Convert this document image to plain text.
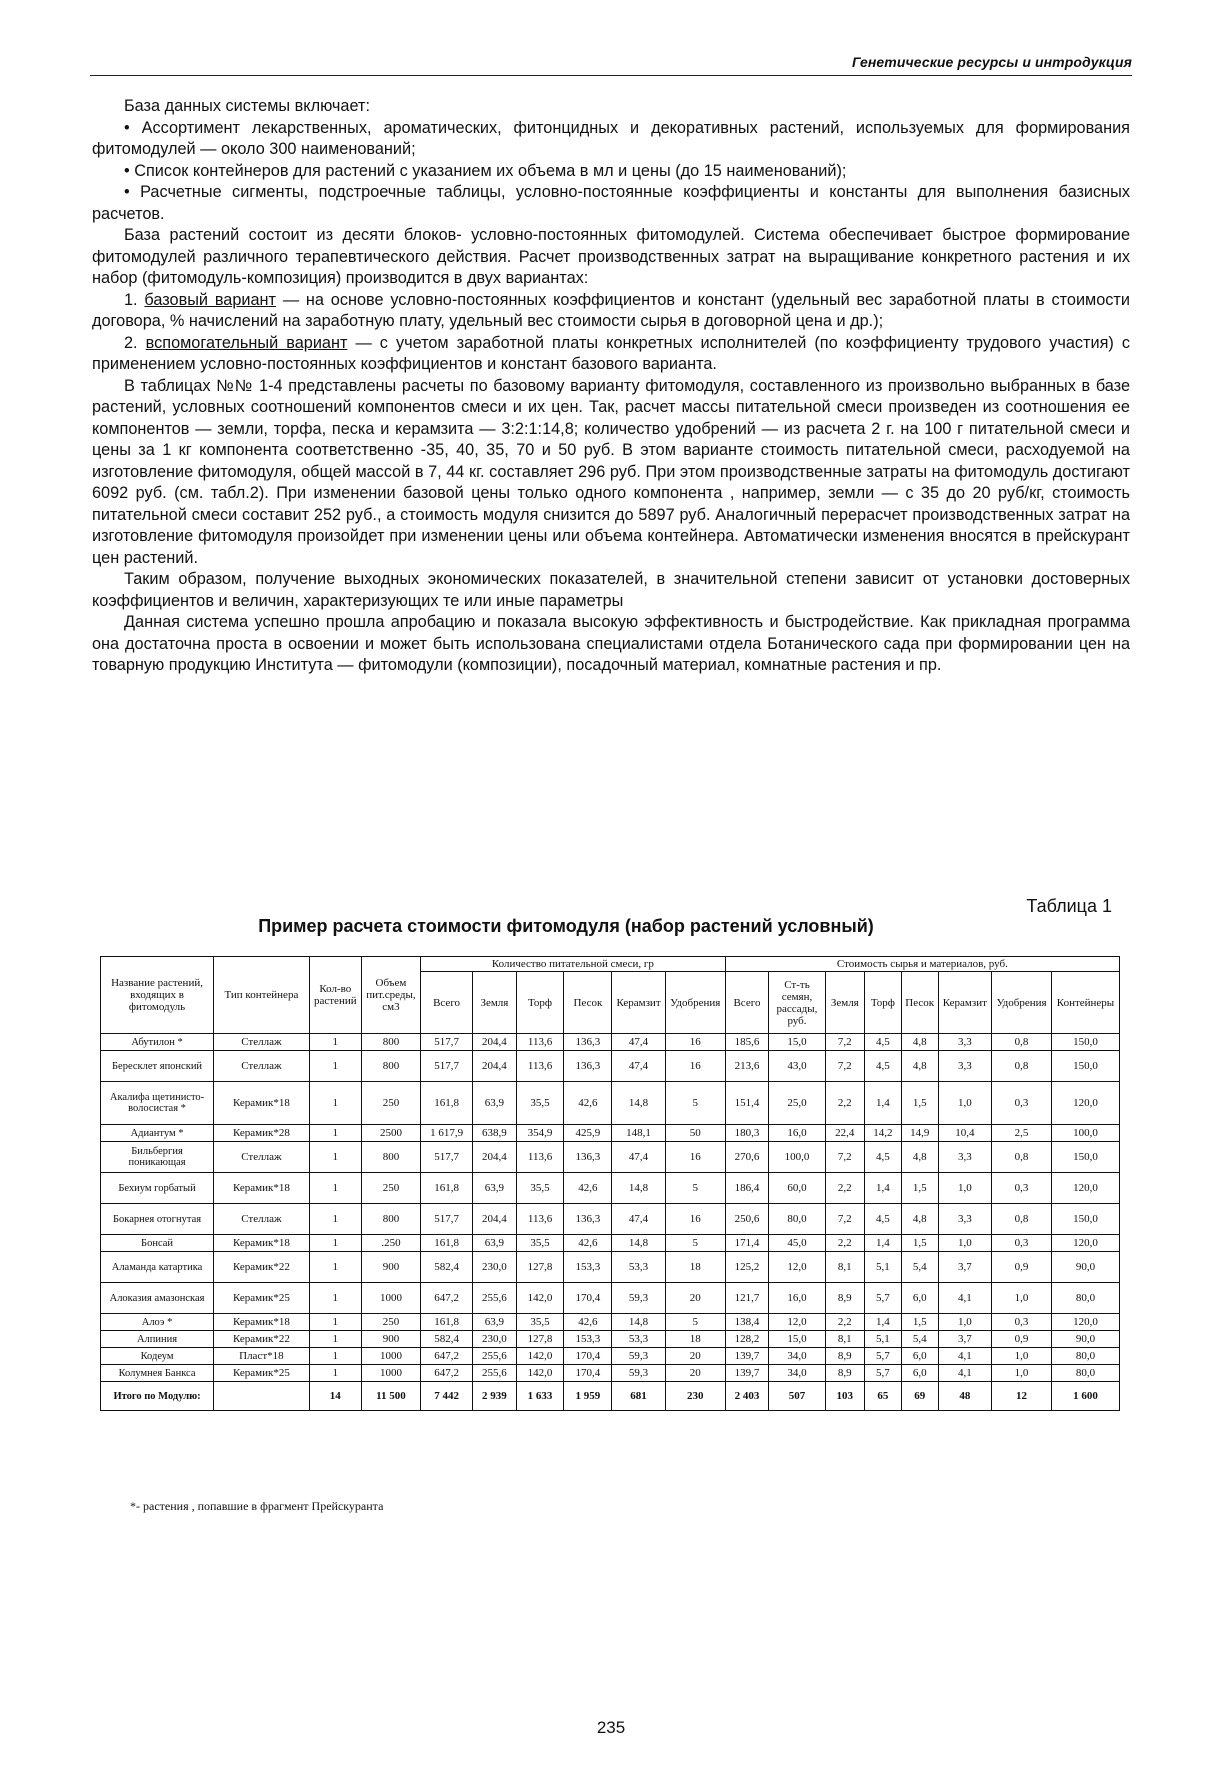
Генетические ресурсы и интродукция

База данных системы включает:

• Ассортимент лекарственных, ароматических, фитонцидных и декоративных растений, используемых для формирования фитомодулей — около 300 наименований;

• Список контейнеров для растений с указанием их объема в мл и цены (до 15 наименований);

• Расчетные сигменты, подстроечные таблицы, условно-постоянные коэффициенты и константы для выполнения базисных расчетов.

База растений состоит из десяти блоков- условно-постоянных фитомодулей. Система обеспечивает быстрое формирование фитомодулей различного терапевтического действия. Расчет производственных затрат на выращивание конкретного растения и их набор (фитомодуль-композиция) производится в двух вариантах:

1. базовый вариант — на основе условно-постоянных коэффициентов и констант (удельный вес заработной платы в стоимости договора, % начислений на заработную плату, удельный вес стоимости сырья в договорной цена и др.);

2. вспомогательный вариант — с учетом заработной платы конкретных исполнителей (по коэффициенту трудового участия) с применением условно-постоянных коэффициентов и констант базового варианта.

В таблицах №№ 1-4 представлены расчеты по базовому варианту фитомодуля, составленного из произвольно выбранных в базе растений, условных соотношений компонентов смеси и их цен. Так, расчет массы питательной смеси произведен из соотношения ее компонентов — земли, торфа, песка и керамзита — 3:2:1:14,8; количество удобрений — из расчета 2 г. на 100 г питательной смеси и цены за 1 кг компонента соответственно -35, 40, 35, 70 и 50 руб. В этом варианте стоимость питательной смеси, расходуемой на изготовление фитомодуля, общей массой в 7, 44 кг. составляет 296 руб. При этом производственные затраты на фитомодуль достигают 6092 руб. (см. табл.2). При изменении базовой цены только одного компонента , например, земли — с 35 до 20 руб/кг, стоимость питательной смеси составит 252 руб., а стоимость модуля снизится до 5897 руб. Аналогичный перерасчет производственных затрат на изготовление фитомодуля произойдет при изменении цены или объема контейнера. Автоматически изменения вносятся в прейскурант цен растений.

Таким образом, получение выходных экономических показателей, в значительной степени зависит от установки достоверных коэффициентов и величин, характеризующих те или иные параметры

Данная система успешно прошла апробацию и показала высокую эффективность и быстродействие. Как прикладная программа она достаточна проста в освоении и может быть использована специалистами отдела Ботанического сада при формировании цен на товарную продукцию Института — фитомодули (композиции), посадочный материал, комнатные растения и пр.

Таблица 1
Пример расчета стоимости фитомодуля (набор растений условный)
Название растений, входящих в фитомодуль	Тип контейнера	Кол-во растений	Объем пит.среды, см3	Количество питательной смеси, гр						Стоимость сырья и материалов, руб.							
				Всего	Земля	Торф	Песок	Керамзит	Удобрения	Всего	Ст-ть семян, рассады, руб.	Земля	Торф	Песок	Керамзит	Удобрения	Контейнеры
Абутилон *	Стеллаж	1	800	517,7	204,4	113,6	136,3	47,4	16	185,6	15,0	7,2	4,5	4,8	3,3	0,8	150,0
Бересклет японский	Стеллаж	1	800	517,7	204,4	113,6	136,3	47,4	16	213,6	43,0	7,2	4,5	4,8	3,3	0,8	150,0
Акалифа щетинисто-волосистая *	Керамик*18	1	250	161,8	63,9	35,5	42,6	14,8	5	151,4	25,0	2,2	1,4	1,5	1,0	0,3	120,0
Адиантум *	Керамик*28	1	2500	1 617,9	638,9	354,9	425,9	148,1	50	180,3	16,0	22,4	14,2	14,9	10,4	2,5	100,0
Бильбергия поникающая	Стеллаж	1	800	517,7	204,4	113,6	136,3	47,4	16	270,6	100,0	7,2	4,5	4,8	3,3	0,8	150,0
Бехиум горбатый	Керамик*18	1	250	161,8	63,9	35,5	42,6	14,8	5	186,4	60,0	2,2	1,4	1,5	1,0	0,3	120,0
Бокарнея отогнутая	Стеллаж	1	800	517,7	204,4	113,6	136,3	47,4	16	250,6	80,0	7,2	4,5	4,8	3,3	0,8	150,0
Бонсай	Керамик*18	1	.250	161,8	63,9	35,5	42,6	14,8	5	171,4	45,0	2,2	1,4	1,5	1,0	0,3	120,0
Аламанда катартика	Керамик*22	1	900	582,4	230,0	127,8	153,3	53,3	18	125,2	12,0	8,1	5,1	5,4	3,7	0,9	90,0
Алоказия амазонская	Керамик*25	1	1000	647,2	255,6	142,0	170,4	59,3	20	121,7	16,0	8,9	5,7	6,0	4,1	1,0	80,0
Алоэ *	Керамик*18	1	250	161,8	63,9	35,5	42,6	14,8	5	138,4	12,0	2,2	1,4	1,5	1,0	0,3	120,0
Алпиния	Керамик*22	1	900	582,4	230,0	127,8	153,3	53,3	18	128,2	15,0	8,1	5,1	5,4	3,7	0,9	90,0
Кодеум	Пласт*18	1	1000	647,2	255,6	142,0	170,4	59,3	20	139,7	34,0	8,9	5,7	6,0	4,1	1,0	80,0
Колумнея Банкса	Керамик*25	1	1000	647,2	255,6	142,0	170,4	59,3	20	139,7	34,0	8,9	5,7	6,0	4,1	1,0	80,0
Итого по Модулю:		14	11 500	7 442	2 939	1 633	1 959	681	230	2 403	507	103	65	69	48	12	1 600
*- растения , попавшие в фрагмент Прейскуранта
235
